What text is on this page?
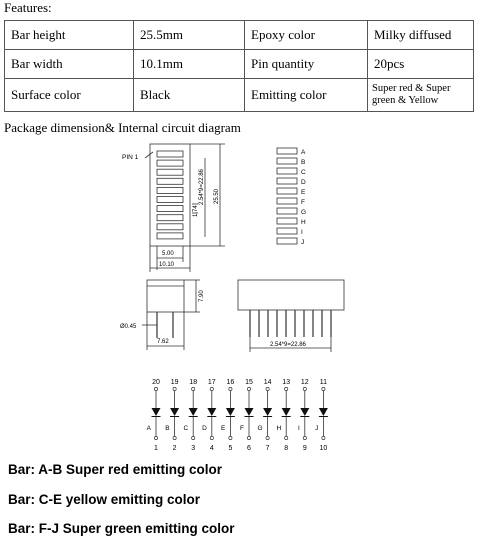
Features:
Bar height	25.5mm	Epoxy color	Milky diffused
Bar width	10.1mm	Pin quantity	20pcs
Surface color	Black	Emitting color	Super red & Super green & Yellow
Package dimension& Internal circuit diagram
PIN 1
2.54*9=22.86 25.50
1.74
5.00
10.10
7.90
Ø0.45
7.62	2.54*9=22.86
20
A
1
19
B
2
18
C
3
17
D
4
16
E
5
15
F
6
14
G
7
13
H
8
12
I
9
11
J
10
A
B
C
D
E
F
G
H
I
J
Bar: A-B Super red emitting color
Bar: C-E yellow emitting color
Bar: F-J Super green emitting color
